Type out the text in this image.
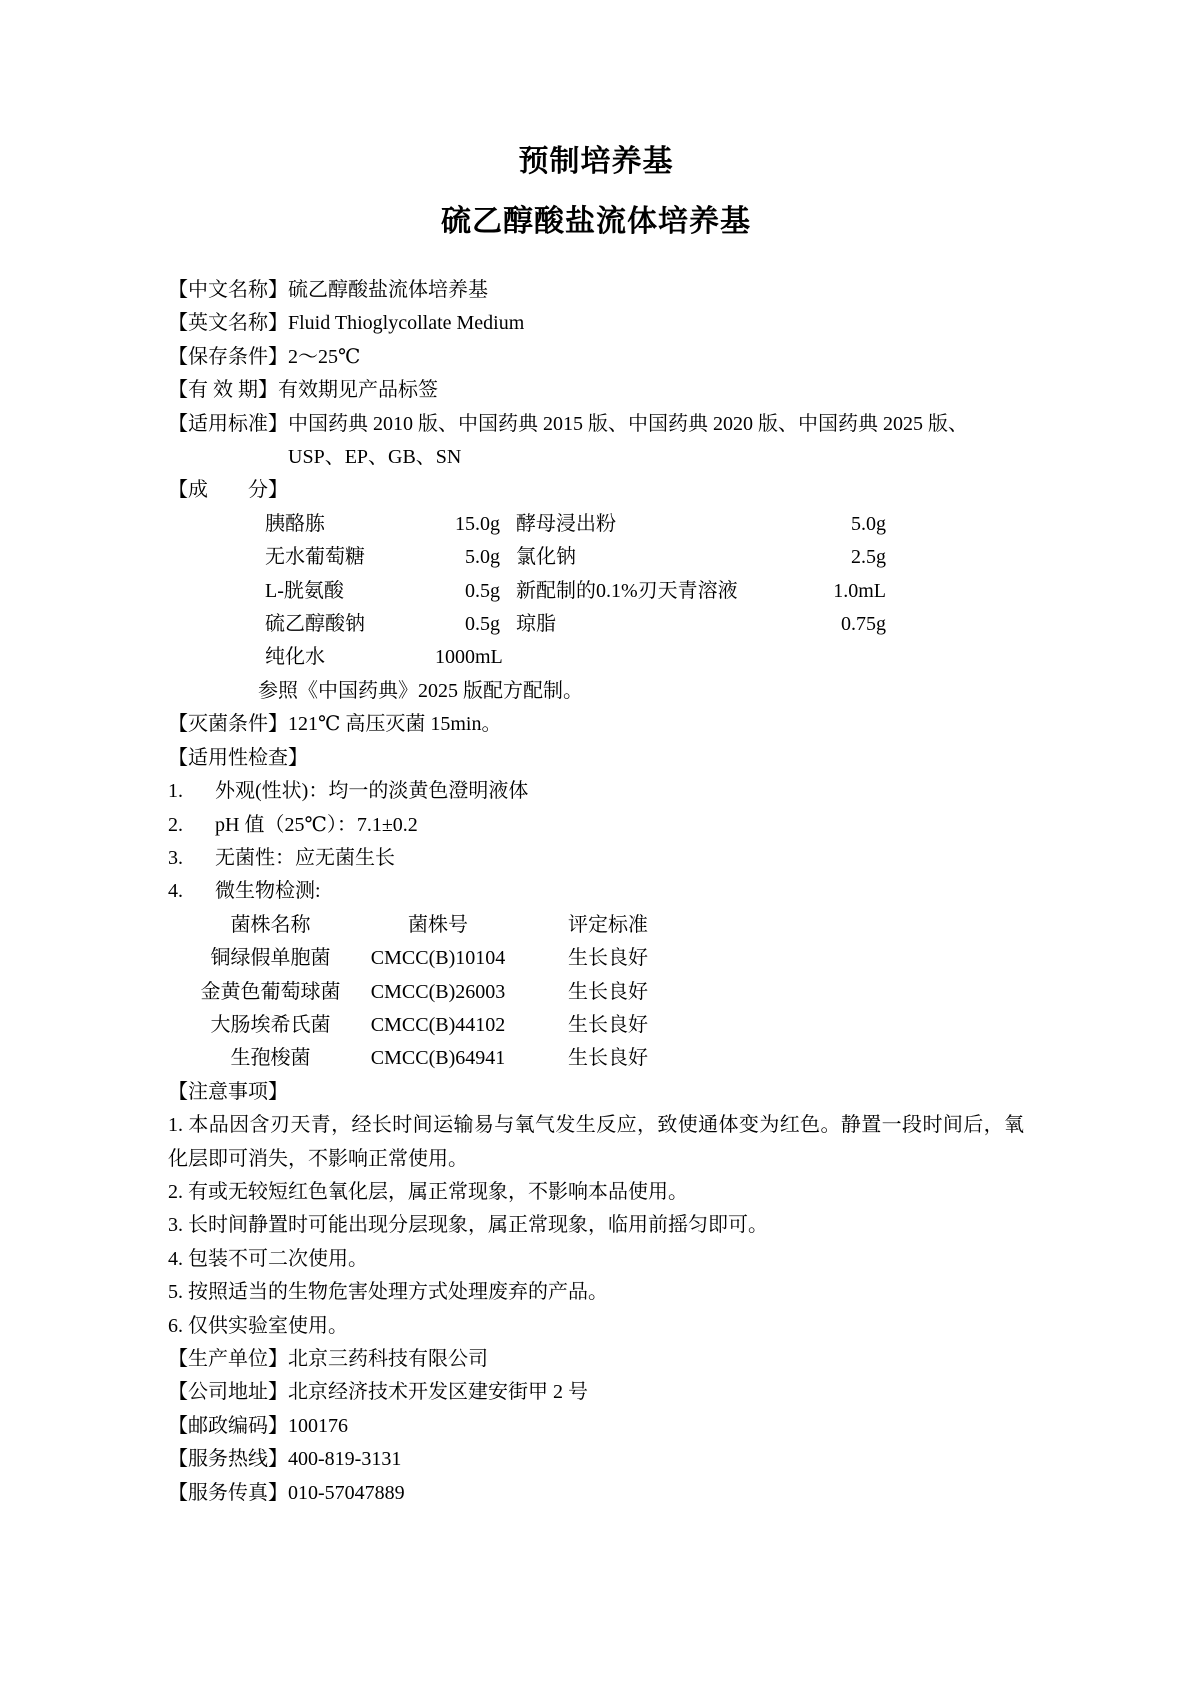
预制培养基
硫乙醇酸盐流体培养基
【中文名称】 硫乙醇酸盐流体培养基
【英文名称】 Fluid Thioglycollate Medium
【保存条件】 2～25℃
【有 效 期】 有效期见产品标签
【适用标准】 中国药典 2010 版、中国药典 2015 版、中国药典 2020 版、中国药典 2025 版、USP、EP、GB、SN
【成　　分】
胰酪胨	15.0g 酵母浸出粉	5.0g
无水葡萄糖	5.0g 氯化钠	2.5g
L-胱氨酸	0.5g 新配制的0.1%刃天青溶液	1.0mL
硫乙醇酸钠	0.5g 琼脂	0.75g
纯化水	1000mL
参照《中国药典》2025 版配方配制。
【灭菌条件】 121℃ 高压灭菌 15min。
【适用性检查】
1.	外观(性状)：均一的淡黄色澄明液体
2.	pH 值（25℃）：7.1±0.2
3.	无菌性：应无菌生长
4.	微生物检测:
菌株名称	菌株号	评定标准
铜绿假单胞菌	CMCC(B)10104	生长良好
金黄色葡萄球菌	CMCC(B)26003	生长良好
大肠埃希氏菌	CMCC(B)44102	生长良好
生孢梭菌	CMCC(B)64941	生长良好
【注意事项】

1. 本品因含刃天青，经长时间运输易与氧气发生反应，致使通体变为红色。静置一段时间后，氧化层即可消失，不影响正常使用。

2. 有或无较短红色氧化层，属正常现象，不影响本品使用。

3. 长时间静置时可能出现分层现象，属正常现象，临用前摇匀即可。

4. 包装不可二次使用。

5. 按照适当的生物危害处理方式处理废弃的产品。

6. 仅供实验室使用。

【生产单位】 北京三药科技有限公司
【公司地址】 北京经济技术开发区建安街甲 2 号
【邮政编码】 100176
【服务热线】 400-819-3131
【服务传真】 010-57047889
